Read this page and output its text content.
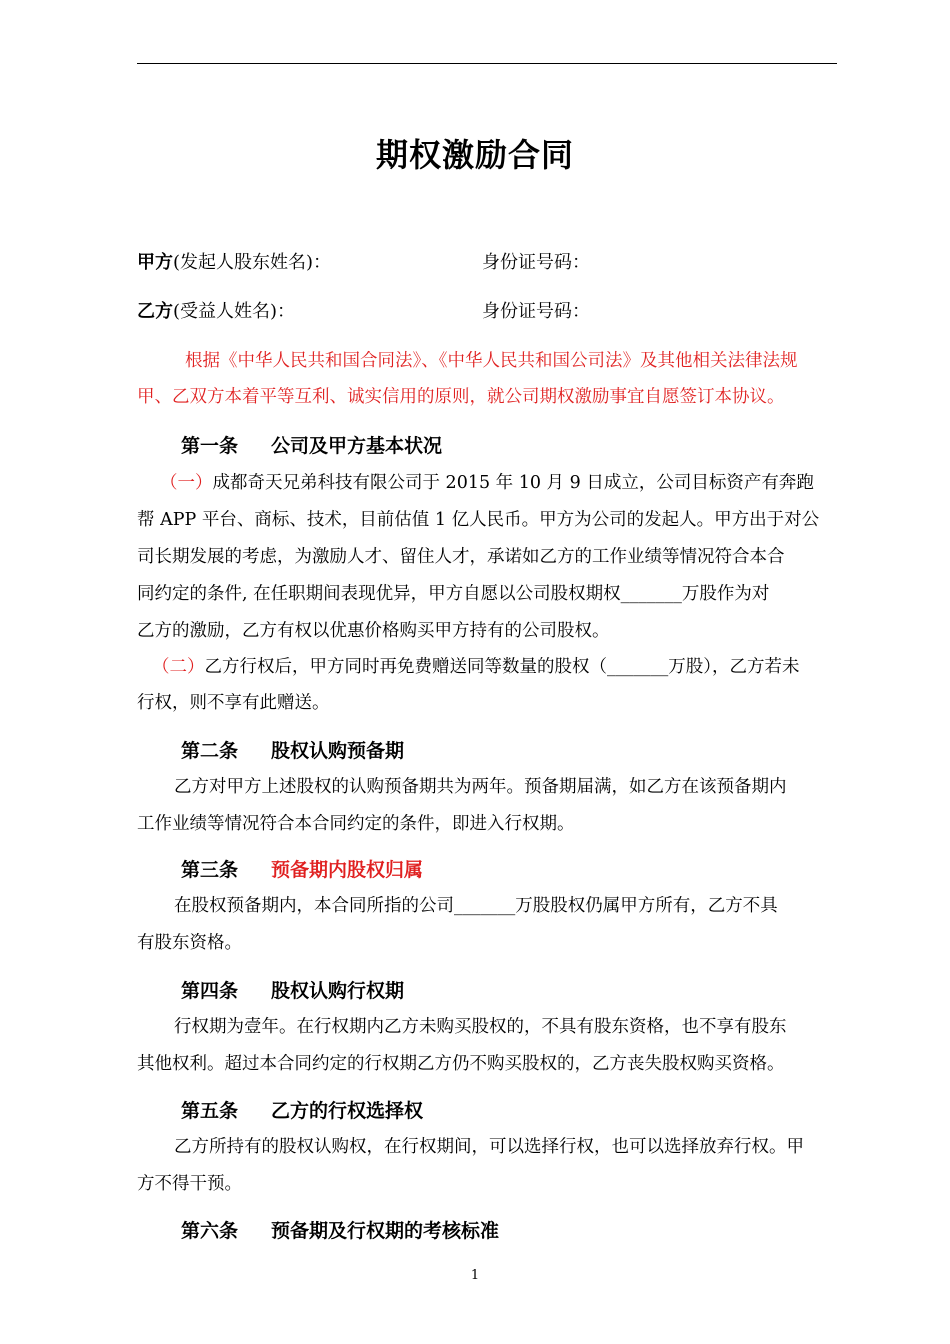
期权激励合同
甲方(发起人股东姓名)：	身份证号码：
乙方(受益人姓名)：	身份证号码：
根据《中华人民共和国合同法》、《中华人民共和国公司法》及其他相关法律法规
甲、乙双方本着平等互利、诚实信用的原则，就公司期权激励事宜自愿签订本协议。
第一条 公司及甲方基本状况
（一）成都奇天兄弟科技有限公司于 2015 年 10 月 9 日成立，公司目标资产有奔跑
帮 APP 平台、商标、技术，目前估值 1 亿人民币。甲方为公司的发起人。甲方出于对公
司长期发展的考虑，为激励人才、留住人才，承诺如乙方的工作业绩等情况符合本合
同约定的条件, 在任职期间表现优异，甲方自愿以公司股权期权_______万股作为对
乙方的激励，乙方有权以优惠价格购买甲方持有的公司股权。
（二）乙方行权后，甲方同时再免费赠送同等数量的股权（_______万股），乙方若未
行权，则不享有此赠送。
第二条 股权认购预备期
乙方对甲方上述股权的认购预备期共为两年。预备期届满，如乙方在该预备期内
工作业绩等情况符合本合同约定的条件，即进入行权期。
第三条 预备期内股权归属
在股权预备期内，本合同所指的公司_______万股股权仍属甲方所有，乙方不具
有股东资格。
第四条 股权认购行权期
行权期为壹年。在行权期内乙方未购买股权的，不具有股东资格，也不享有股东
其他权利。超过本合同约定的行权期乙方仍不购买股权的，乙方丧失股权购买资格。
第五条 乙方的行权选择权
乙方所持有的股权认购权，在行权期间，可以选择行权，也可以选择放弃行权。甲
方不得干预。
第六条 预备期及行权期的考核标准
1
